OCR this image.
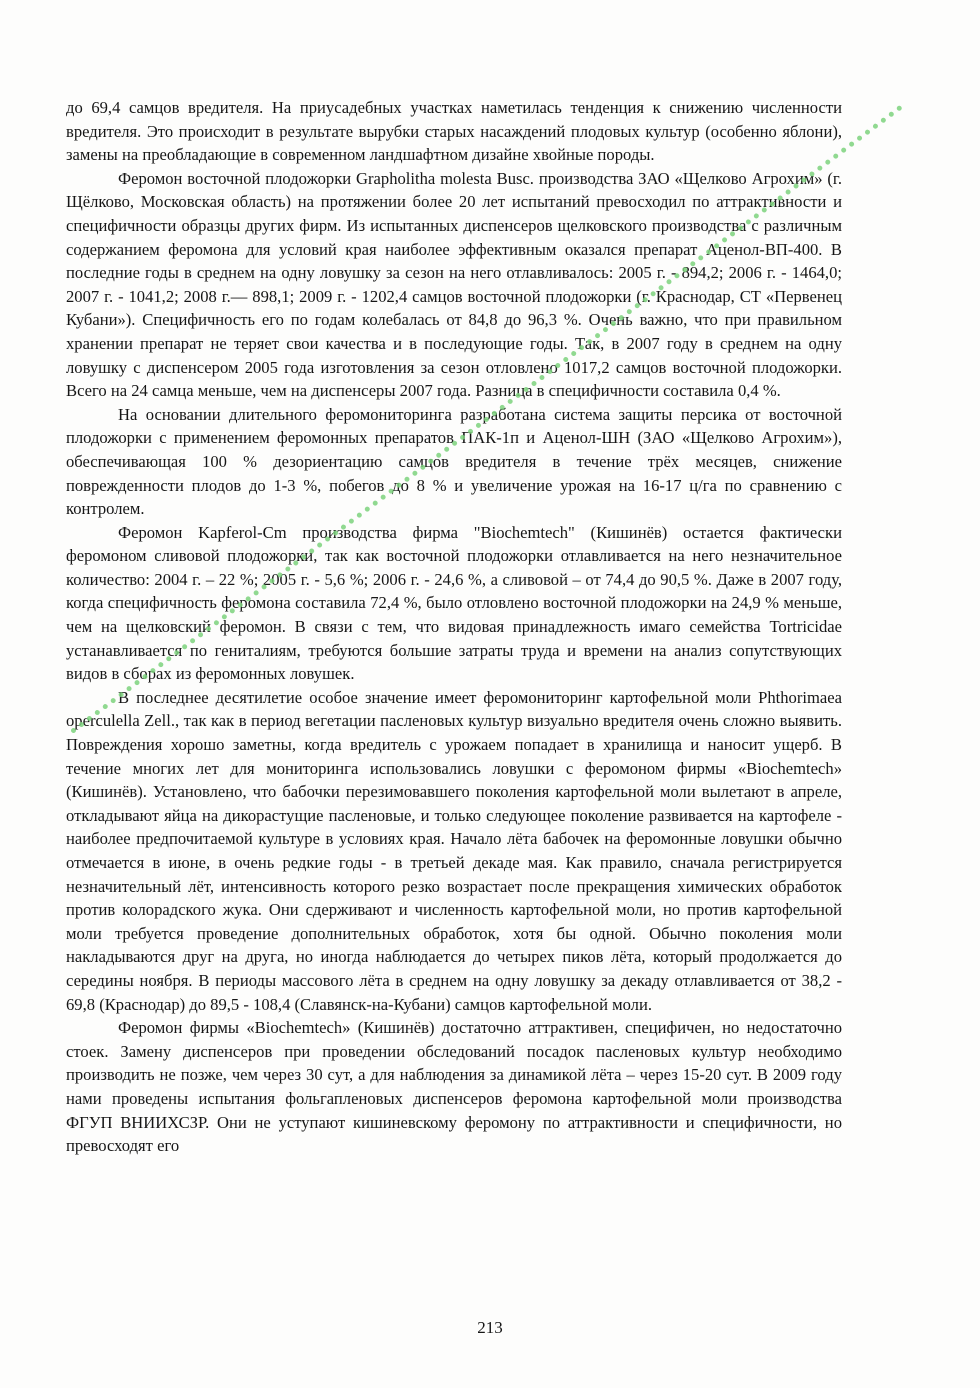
до 69,4 самцов вредителя. На приусадебных участках наметилась тенденция к снижению численности вредителя. Это происходит в результате вырубки старых насаждений плодовых культур (особенно яблони), замены на преобладающие в современном ландшафтном дизайне хвойные породы.

Феромон восточной плодожорки Grapholitha molesta Busc. производства ЗАО «Щелково Агрохим» (г. Щёлково, Московская область) на протяжении более 20 лет испытаний превосходил по аттрактивности и специфичности образцы других фирм. Из испытанных диспенсеров щелковского производства с различным содержанием феромона для условий края наиболее эффективным оказался препарат Аценол-ВП-400. В последние годы в среднем на одну ловушку за сезон на него отлавливалось: 2005 г. - 894,2; 2006 г. - 1464,0; 2007 г. - 1041,2; 2008 г.— 898,1; 2009 г. - 1202,4 самцов восточной плодожорки (г. Краснодар, СТ «Первенец Кубани»). Специфичность его по годам колебалась от 84,8 до 96,3 %. Очень важно, что при правильном хранении препарат не теряет свои качества и в последующие годы. Так, в 2007 году в среднем на одну ловушку с диспенсером 2005 года изготовления за сезон отловлено 1017,2 самцов восточной плодожорки. Всего на 24 самца меньше, чем на диспенсеры 2007 года. Разница в специфичности составила 0,4 %.

На основании длительного феромониторинга разработана система защиты персика от восточной плодожорки с применением феромонных препаратов ПАК-1п и Аценол-ШН (ЗАО «Щелково Агрохим»), обеспечивающая 100 % дезориентацию самцов вредителя в течение трёх месяцев, снижение поврежденности плодов до 1-3 %, побегов до 8 % и увеличение урожая на 16-17 ц/га по сравнению с контролем.

Феромон Kapferol-Cm производства фирма "Biochemtech" (Кишинёв) остается фактически феромоном сливовой плодожорки, так как восточной плодожорки отлавливается на него незначительное количество: 2004 г. – 22 %; 2005 г. - 5,6 %; 2006 г. - 24,6 %, а сливовой – от 74,4 до 90,5 %. Даже в 2007 году, когда специфичность феромона составила 72,4 %, было отловлено восточной плодожорки на 24,9 % меньше, чем на щелковский феромон. В связи с тем, что видовая принадлежность имаго семейства Tortricidae устанавливается по гениталиям, требуются большие затраты труда и времени на анализ сопутствующих видов в сборах из феромонных ловушек.

В последнее десятилетие особое значение имеет феромониторинг картофельной моли Phthorimaea operculella Zell., так как в период вегетации пасленовых культур визуально вредителя очень сложно выявить. Повреждения хорошо заметны, когда вредитель с урожаем попадает в хранилища и наносит ущерб. В течение многих лет для мониторинга использовались ловушки с феромоном фирмы «Biochemtech» (Кишинёв). Установлено, что бабочки перезимовавшего поколения картофельной моли вылетают в апреле, откладывают яйца на дикорастущие пасленовые, и только следующее поколение развивается на картофеле - наиболее предпочитаемой культуре в условиях края. Начало лёта бабочек на феромонные ловушки обычно отмечается в июне, в очень редкие годы - в третьей декаде мая. Как правило, сначала регистрируется незначительный лёт, интенсивность которого резко возрастает после прекращения химических обработок против колорадского жука. Они сдерживают и численность картофельной моли, но против картофельной моли требуется проведение дополнительных обработок, хотя бы одной. Обычно поколения моли накладываются друг на друга, но иногда наблюдается до четырех пиков лёта, который продолжается до середины ноября. В периоды массового лёта в среднем на одну ловушку за декаду отлавливается от 38,2 - 69,8 (Краснодар) до 89,5 - 108,4 (Славянск-на-Кубани) самцов картофельной моли.

Феромон фирмы «Biochemtech» (Кишинёв) достаточно аттрактивен, специфичен, но недостаточно стоек. Замену диспенсеров при проведении обследований посадок пасленовых культур необходимо производить не позже, чем через 30 сут, а для наблюдения за динамикой лёта – через 15-20 сут. В 2009 году нами проведены испытания фольгапленовых диспенсеров феромона картофельной моли производства ФГУП ВНИИХСЗР. Они не уступают кишиневскому феромону по аттрактивности и специфичности, но превосходят его

213
